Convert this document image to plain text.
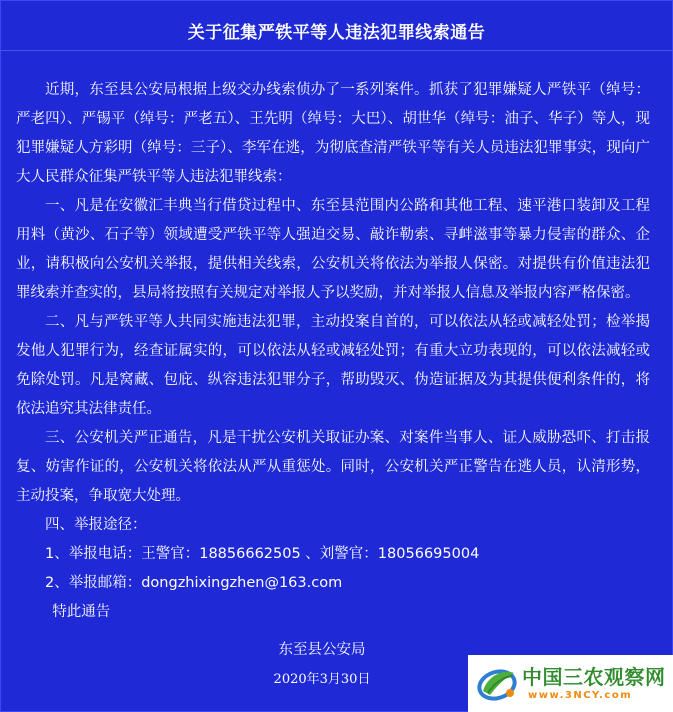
关于征集严铁平等人违法犯罪线索通告

近期，东至县公安局根据上级交办线索侦办了一系列案件。抓获了犯罪嫌疑人严铁平（绰号：严老四）、严锡平（绰号：严老五）、王先明（绰号：大巴）、胡世华（绰号：油子、华子）等人，现犯罪嫌疑人方彩明（绰号：三子）、李军在逃，为彻底查清严铁平等有关人员违法犯罪事实，现向广大人民群众征集严铁平等人违法犯罪线索：

一、凡是在安徽汇丰典当行借贷过程中、东至县范围内公路和其他工程、速平港口装卸及工程用料（黄沙、石子等）领域遭受严铁平等人强迫交易、敲诈勒索、寻衅滋事等暴力侵害的群众、企业，请积极向公安机关举报，提供相关线索，公安机关将依法为举报人保密。对提供有价值违法犯罪线索并查实的，县局将按照有关规定对举报人予以奖励，并对举报人信息及举报内容严格保密。

二、凡与严铁平等人共同实施违法犯罪，主动投案自首的，可以依法从轻或减轻处罚；检举揭发他人犯罪行为，经查证属实的，可以依法从轻或减轻处罚；有重大立功表现的，可以依法减轻或免除处罚。凡是窝藏、包庇、纵容违法犯罪分子，帮助毁灭、伪造证据及为其提供便利条件的，将依法追究其法律责任。

三、公安机关严正通告，凡是干扰公安机关取证办案、对案件当事人、证人威胁恐吓、打击报复、妨害作证的，公安机关将依法从严从重惩处。同时，公安机关严正警告在逃人员，认清形势，主动投案，争取宽大处理。

四、举报途径：

1、举报电话：王警官：18856662505 、刘警官：18056695004

2、举报邮箱：dongzhixingzhen@163.com

特此通告

东至县公安局
2020年3月30日	中国三农观察网
www.3NCY.com
